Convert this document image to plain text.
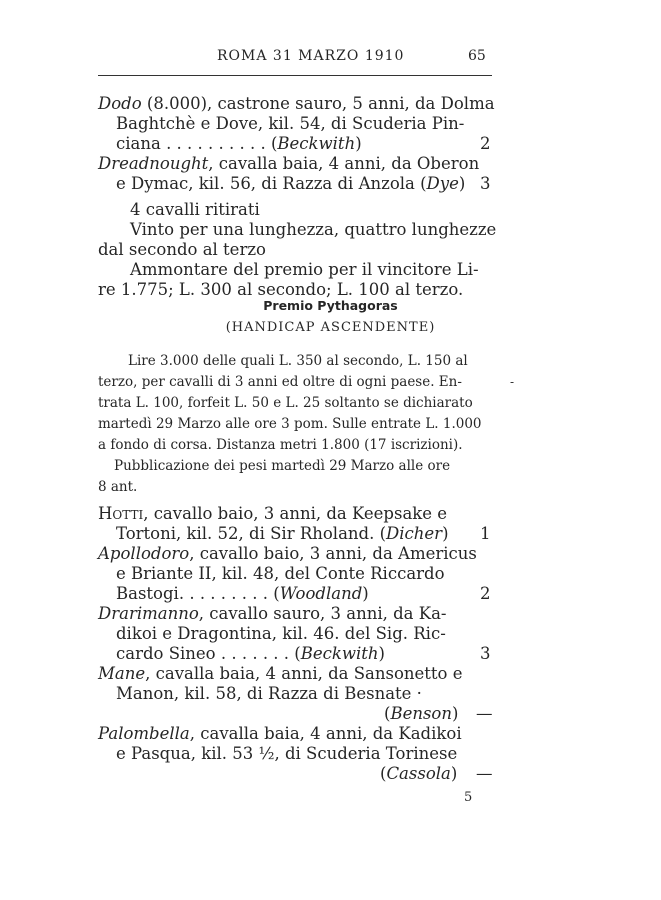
ROMA 31 MARZO 1910	65
Dodo (8.000), castrone sauro, 5 anni, da Dolma
Baghtchè e Dove, kil. 54, di Scuderia Pin-
ciana . . . . . . . . . . (Beckwith)	2
Dreadnought, cavalla baia, 4 anni, da Oberon
e Dymac, kil. 56, di Razza di Anzola (Dye) 3
4 cavalli ritirati
Vinto per una lunghezza, quattro lunghezze
dal secondo al terzo
Ammontare del premio per il vincitore Li-
re 1.775; L. 300 al secondo; L. 100 al terzo.
Premio Pythagoras
(HANDICAP ASCENDENTE)
Lire 3.000 delle quali L. 350 al secondo, L. 150 al
terzo, per cavalli di 3 anni ed oltre di ogni paese. En-
trata L. 100, forfeit L. 50 e L. 25 soltanto se dichiarato
martedì 29 Marzo alle ore 3 pom. Sulle entrate L. 1.000
a fondo di corsa. Distanza metri 1.800 (17 iscrizioni).
Pubblicazione dei pesi martedì 29 Marzo alle ore
8 ant.
-
Hotti, cavallo baio, 3 anni, da Keepsake e
Tortoni, kil. 52, di Sir Rholand. (Dicher) 1
Apollodoro, cavallo baio, 3 anni, da Americus
e Briante II, kil. 48, del Conte Riccardo
Bastogi. . . . . . . . . (Woodland)	2
Drarimanno, cavallo sauro, 3 anni, da Ka-
dikoi e Dragontina, kil. 46. del Sig. Ric-
cardo Sineo . . . . . . . (Beckwith)	3
Mane, cavalla baia, 4 anni, da Sansonetto e
Manon, kil. 58, di Razza di Besnate ·
(Benson) —
Palombella, cavalla baia, 4 anni, da Kadikoi
e Pasqua, kil. 53 ½, di Scuderia Torinese
(Cassola) —
5
